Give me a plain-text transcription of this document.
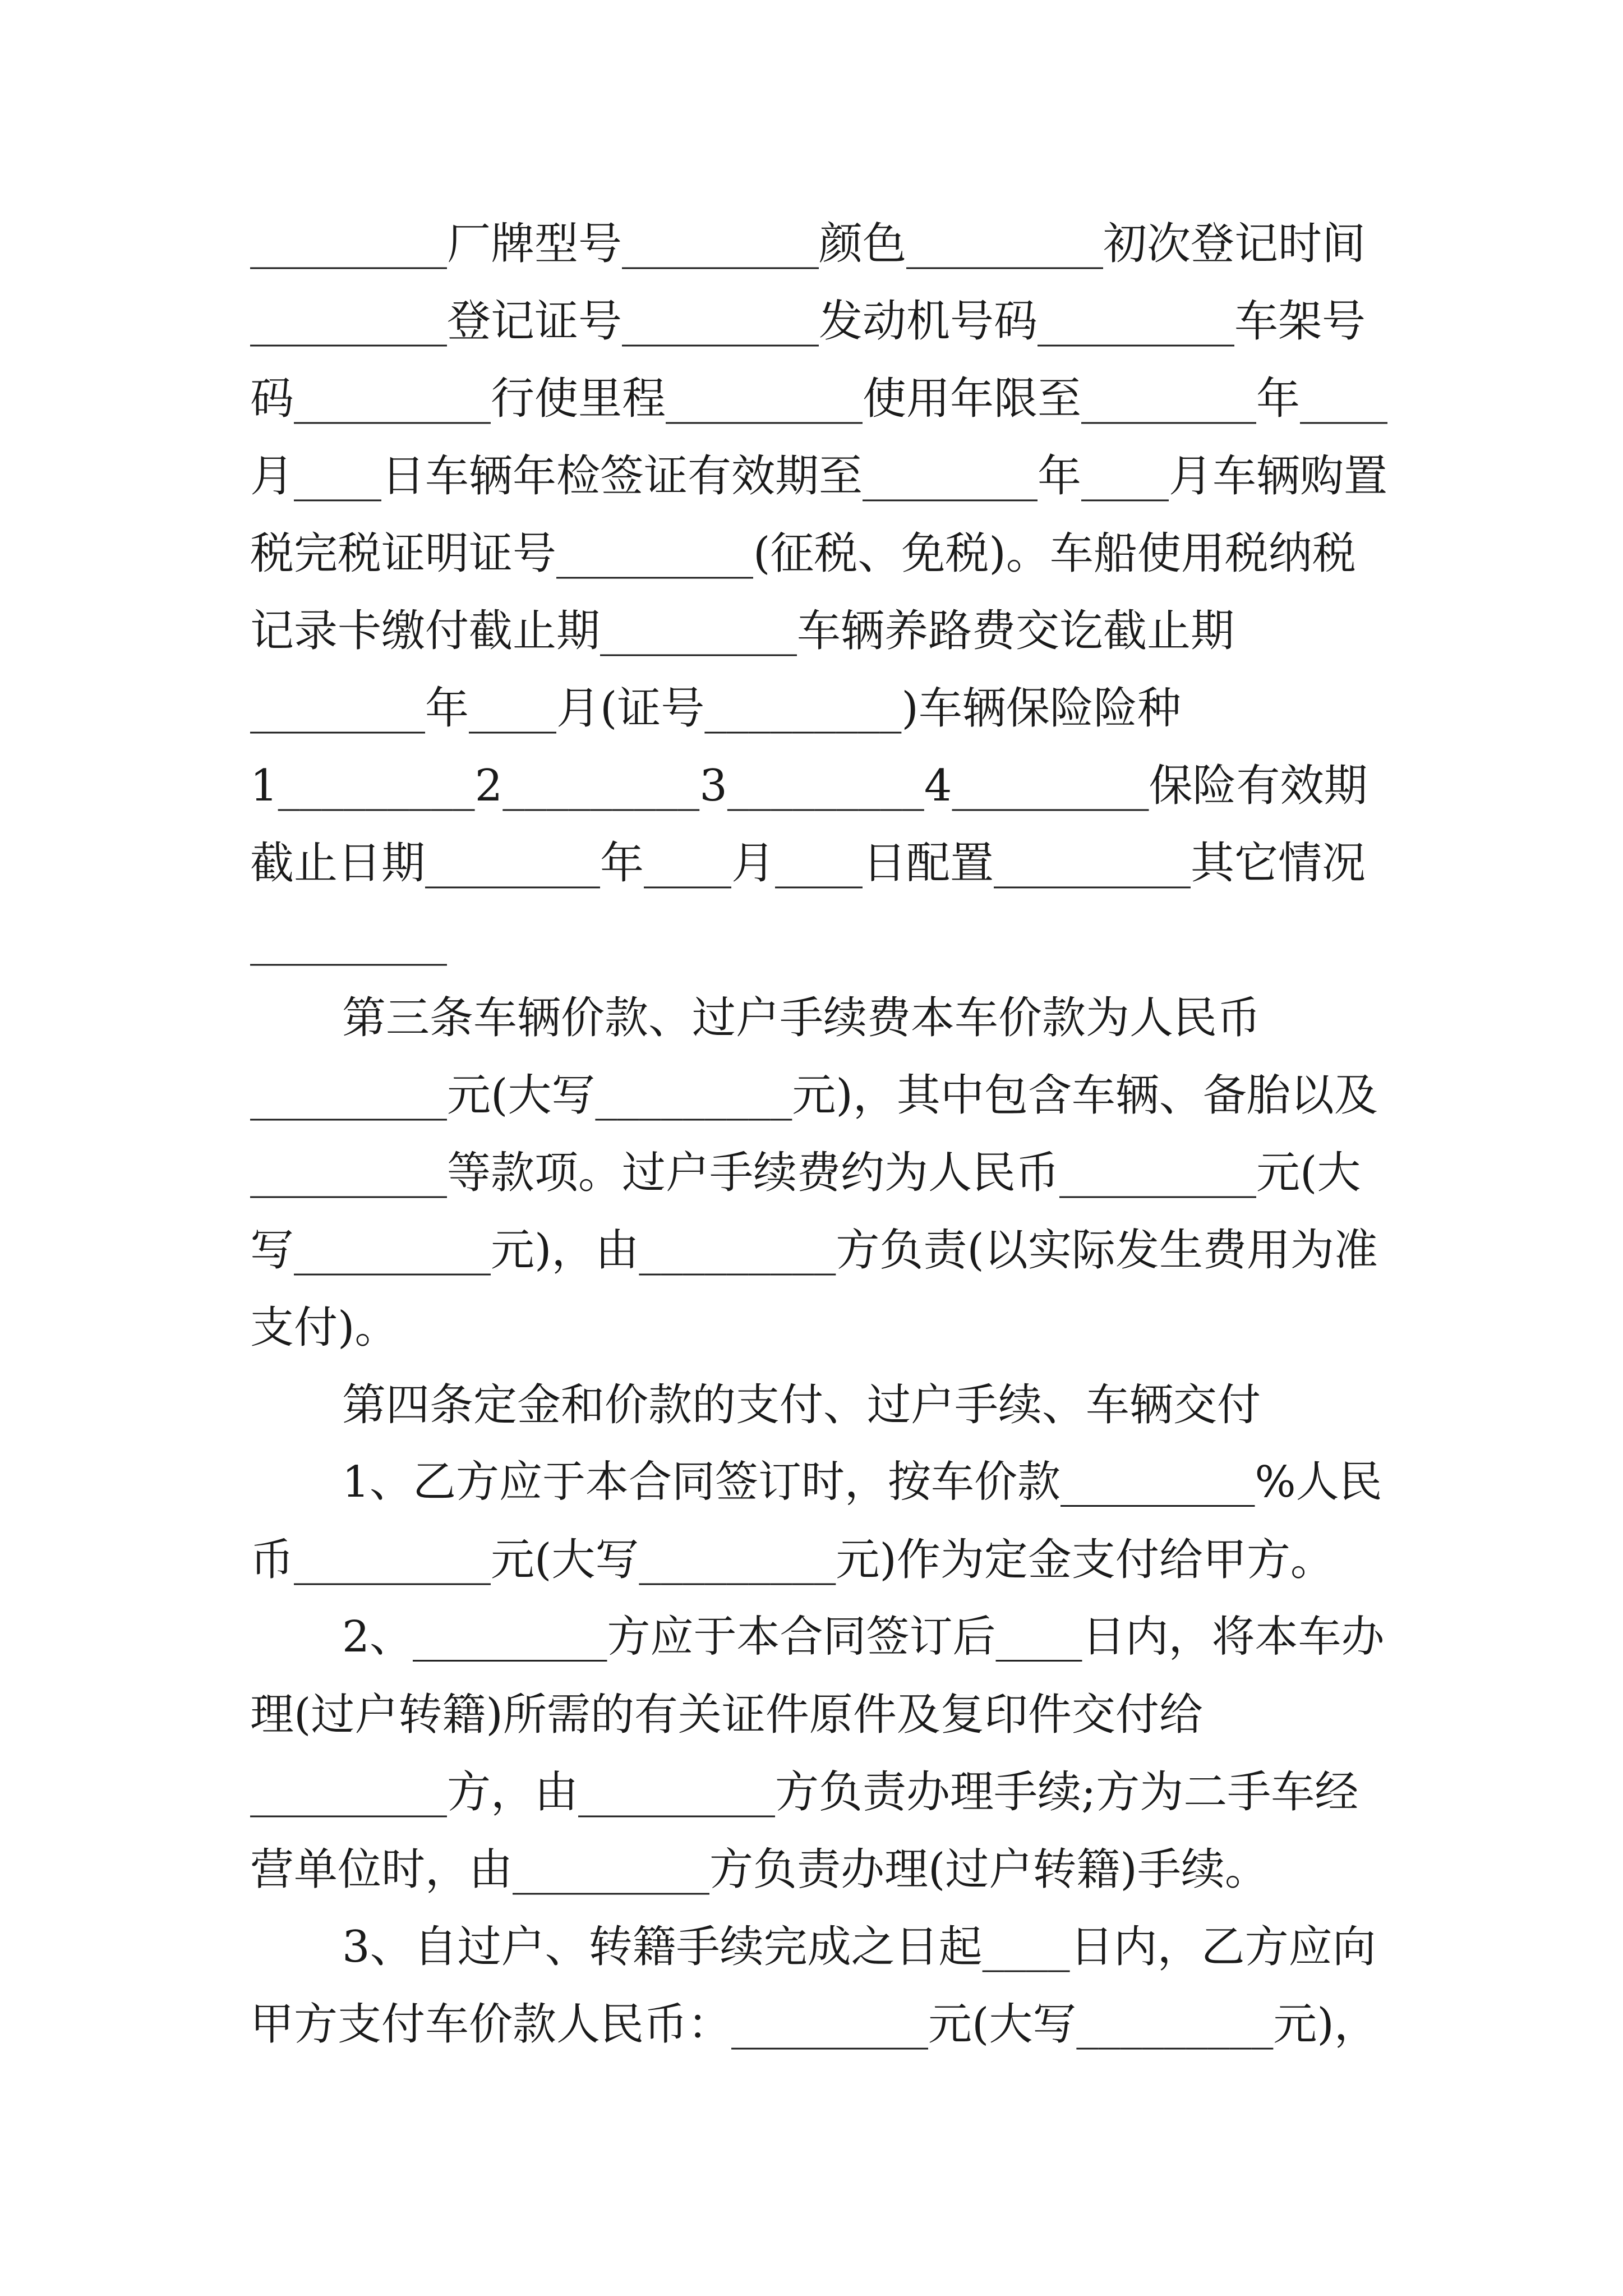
_________厂牌型号_________颜色_________初次登记时间
_________登记证号_________发动机号码_________车架号
码_________行使里程_________使用年限至________年____
月____日车辆年检签证有效期至________年____月车辆购置
税完税证明证号_________(征税、免税)。车船使用税纳税
记录卡缴付截止期_________车辆养路费交讫截止期
________年____月(证号_________)车辆保险险种
1_________2_________3_________4_________保险有效期
截止日期________年____月____日配置_________其它情况
_________
第三条车辆价款、过户手续费本车价款为人民币
_________元(大写_________元)，其中包含车辆、备胎以及
_________等款项。过户手续费约为人民币_________元(大
写_________元)，由_________方负责(以实际发生费用为准
支付)。
第四条定金和价款的支付、过户手续、车辆交付
1、乙方应于本合同签订时，按车价款_________%人民
币_________元(大写_________元)作为定金支付给甲方。
2、_________方应于本合同签订后____日内，将本车办
理(过户转籍)所需的有关证件原件及复印件交付给
_________方，由_________方负责办理手续;方为二手车经
营单位时，由_________方负责办理(过户转籍)手续。
3、自过户、转籍手续完成之日起____日内，乙方应向
甲方支付车价款人民币：_________元(大写_________元)，
